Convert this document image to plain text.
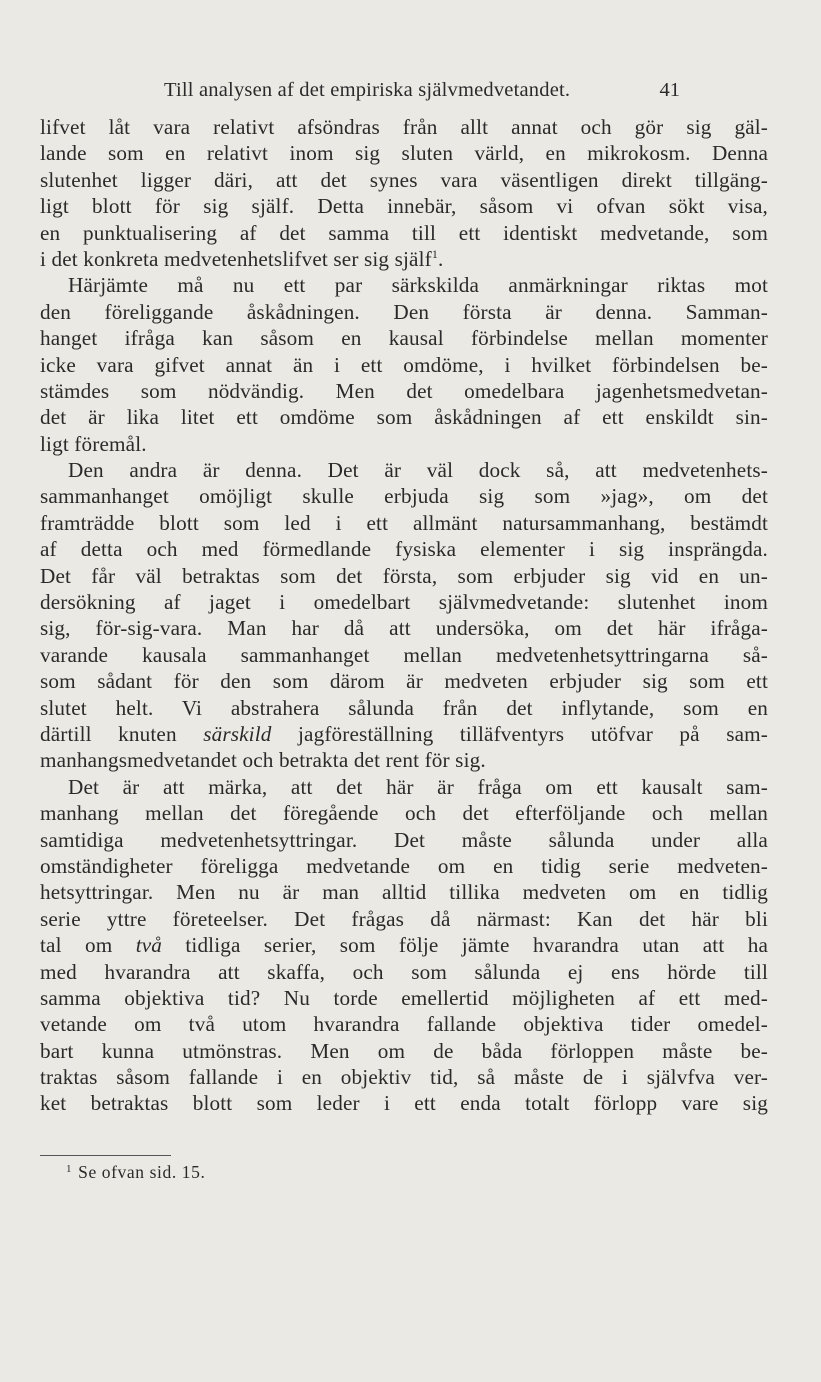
Till analysen af det empiriska självmedvetandet.	41
lifvet låt vara relativt afsöndras från allt annat och gör sig gäl-
lande som en relativt inom sig sluten värld, en mikrokosm. Denna
slutenhet ligger däri, att det synes vara väsentligen direkt tillgäng-
ligt blott för sig själf. Detta innebär, såsom vi ofvan sökt visa,
en punktualisering af det samma till ett identiskt medvetande, som
i det konkreta medvetenhetslifvet ser sig själf$^1$.
Härjämte må nu ett par särkskilda anmärkningar riktas mot
den föreliggande åskådningen. Den första är denna. Samman-
hanget ifråga kan såsom en kausal förbindelse mellan momenter
icke vara gifvet annat än i ett omdöme, i hvilket förbindelsen be-
stämdes som nödvändig. Men det omedelbara jagenhetsmedvetan-
det är lika litet ett omdöme som åskådningen af ett enskildt sin-
ligt föremål.
Den andra är denna. Det är väl dock så, att medvetenhets-
sammanhanget omöjligt skulle erbjuda sig som »jag», om det
framträdde blott som led i ett allmänt natursammanhang, bestämdt
af detta och med förmedlande fysiska elementer i sig insprängda.
Det får väl betraktas som det första, som erbjuder sig vid en un-
dersökning af jaget i omedelbart självmedvetande: slutenhet inom
sig, för-sig-vara. Man har då att undersöka, om det här ifråga-
varande kausala sammanhanget mellan medvetenhetsyttringarna så-
som sådant för den som därom är medveten erbjuder sig som ett
slutet helt. Vi abstrahera sålunda från det inflytande, som en
därtill knuten särskild jagföreställning tilläfventyrs utöfvar på sam-
manhangsmedvetandet och betrakta det rent för sig.
Det är att märka, att det här är fråga om ett kausalt sam-
manhang mellan det föregående och det efterföljande och mellan
samtidiga medvetenhetsyttringar. Det måste sålunda under alla
omständigheter föreligga medvetande om en tidig serie medveten-
hetsyttringar. Men nu är man alltid tillika medveten om en tidlig
serie yttre företeelser. Det frågas då närmast: Kan det här bli
tal om två tidliga serier, som följe jämte hvarandra utan att ha
med hvarandra att skaffa, och som sålunda ej ens hörde till
samma objektiva tid? Nu torde emellertid möjligheten af ett med-
vetande om två utom hvarandra fallande objektiva tider omedel-
bart kunna utmönstras. Men om de båda förloppen måste be-
traktas såsom fallande i en objektiv tid, så måste de i självfva ver-
ket betraktas blott som leder i ett enda totalt förlopp vare sig
$^1$ Se ofvan sid. 15.
